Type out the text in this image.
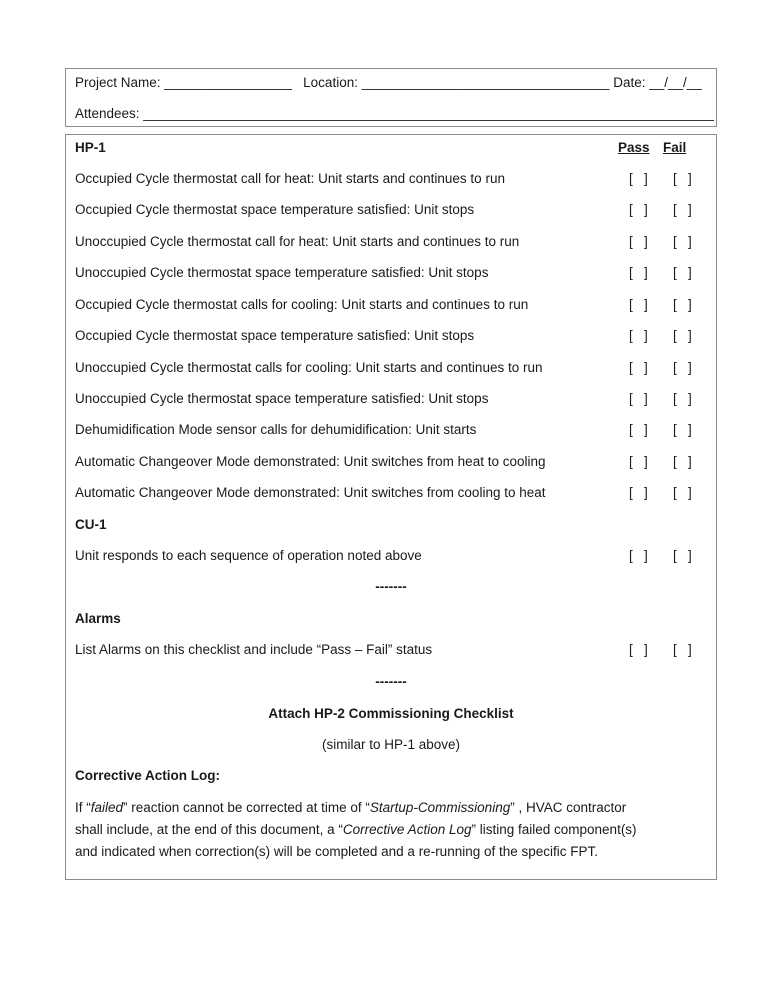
Project Name: _________________   Location: _________________________________ Date: __/__/__
Attendees: ____________________________________________________________________________
HP-1	Pass Fail
Occupied Cycle thermostat call for heat: Unit starts and continues to run	[   ] [   ]
Occupied Cycle thermostat space temperature satisfied: Unit stops	[   ] [   ]
Unoccupied Cycle thermostat call for heat: Unit starts and continues to run	[   ] [   ]
Unoccupied Cycle thermostat space temperature satisfied: Unit stops	[   ] [   ]
Occupied Cycle thermostat calls for cooling: Unit starts and continues to run	[   ] [   ]
Occupied Cycle thermostat space temperature satisfied: Unit stops	[   ] [   ]
Unoccupied Cycle thermostat calls for cooling: Unit starts and continues to run	[   ] [   ]
Unoccupied Cycle thermostat space temperature satisfied: Unit stops	[   ] [   ]
Dehumidification Mode sensor calls for dehumidification: Unit starts	[   ] [   ]
Automatic Changeover Mode demonstrated: Unit switches from heat to cooling	[   ] [   ]
Automatic Changeover Mode demonstrated: Unit switches from cooling to heat	[   ] [   ]
CU-1
Unit responds to each sequence of operation noted above	[   ] [   ]
-------
Alarms
List Alarms on this checklist and include “Pass – Fail” status	[   ] [   ]
-------
Attach HP-2 Commissioning Checklist
(similar to HP-1 above)
Corrective Action Log:

If “failed” reaction cannot be corrected at time of “Startup-Commissioning” , HVAC contractor

shall include, at the end of this document, a “Corrective Action Log” listing failed component(s)

and indicated when correction(s) will be completed and a re-running of the specific FPT.
